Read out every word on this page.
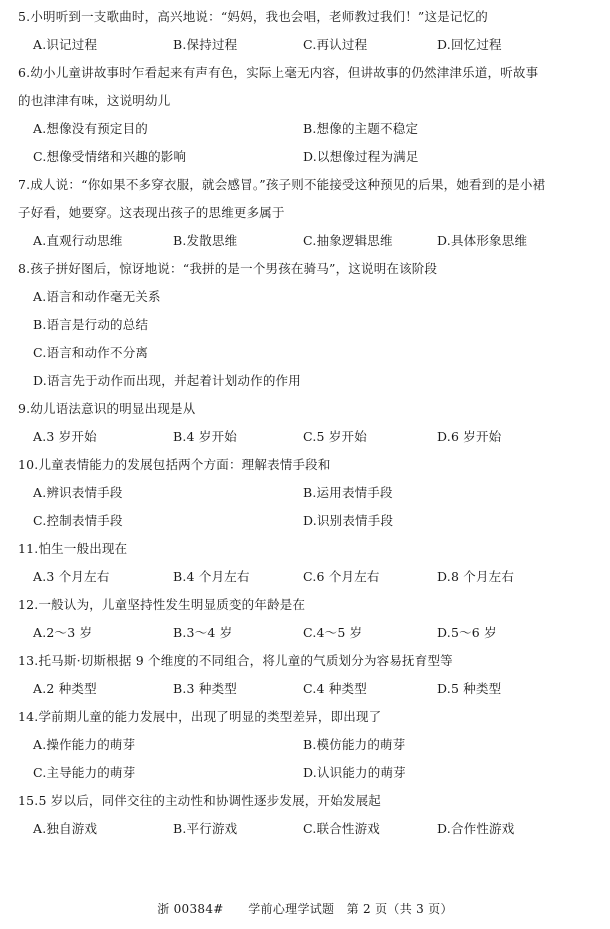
5.小明听到一支歌曲时，高兴地说：“妈妈，我也会唱，老师教过我们！”这是记忆的
A.识记过程	B.保持过程	C.再认过程	D.回忆过程
6.幼小儿童讲故事时乍看起来有声有色，实际上毫无内容，但讲故事的仍然津津乐道，听故事
的也津津有味，这说明幼儿
A.想像没有预定目的	B.想像的主题不稳定
C.想像受情绪和兴趣的影响	D.以想像过程为满足
7.成人说：“你如果不多穿衣服，就会感冒。”孩子则不能接受这种预见的后果，她看到的是小裙
子好看，她要穿。这表现出孩子的思维更多属于
A.直观行动思维	B.发散思维	C.抽象逻辑思维	D.具体形象思维
8.孩子拼好图后，惊讶地说：“我拼的是一个男孩在骑马”，这说明在该阶段
A.语言和动作毫无关系
B.语言是行动的总结
C.语言和动作不分离
D.语言先于动作而出现，并起着计划动作的作用
9.幼儿语法意识的明显出现是从
A.3 岁开始	B.4 岁开始	C.5 岁开始	D.6 岁开始
10.儿童表情能力的发展包括两个方面：理解表情手段和
A.辨识表情手段	B.运用表情手段
C.控制表情手段	D.识别表情手段
11.怕生一般出现在
A.3 个月左右	B.4 个月左右	C.6 个月左右	D.8 个月左右
12.一般认为，儿童坚持性发生明显质变的年龄是在
A.2～3 岁	B.3～4 岁	C.4～5 岁	D.5～6 岁
13.托马斯·切斯根据 9 个维度的不同组合，将儿童的气质划分为容易抚育型等
A.2 种类型	B.3 种类型	C.4 种类型	D.5 种类型
14.学前期儿童的能力发展中，出现了明显的类型差异，即出现了
A.操作能力的萌芽	B.模仿能力的萌芽
C.主导能力的萌芽	D.认识能力的萌芽
15.5 岁以后，同伴交往的主动性和协调性逐步发展，开始发展起
A.独自游戏	B.平行游戏	C.联合性游戏	D.合作性游戏
浙 00384#　　学前心理学试题　第 2 页（共 3 页）
